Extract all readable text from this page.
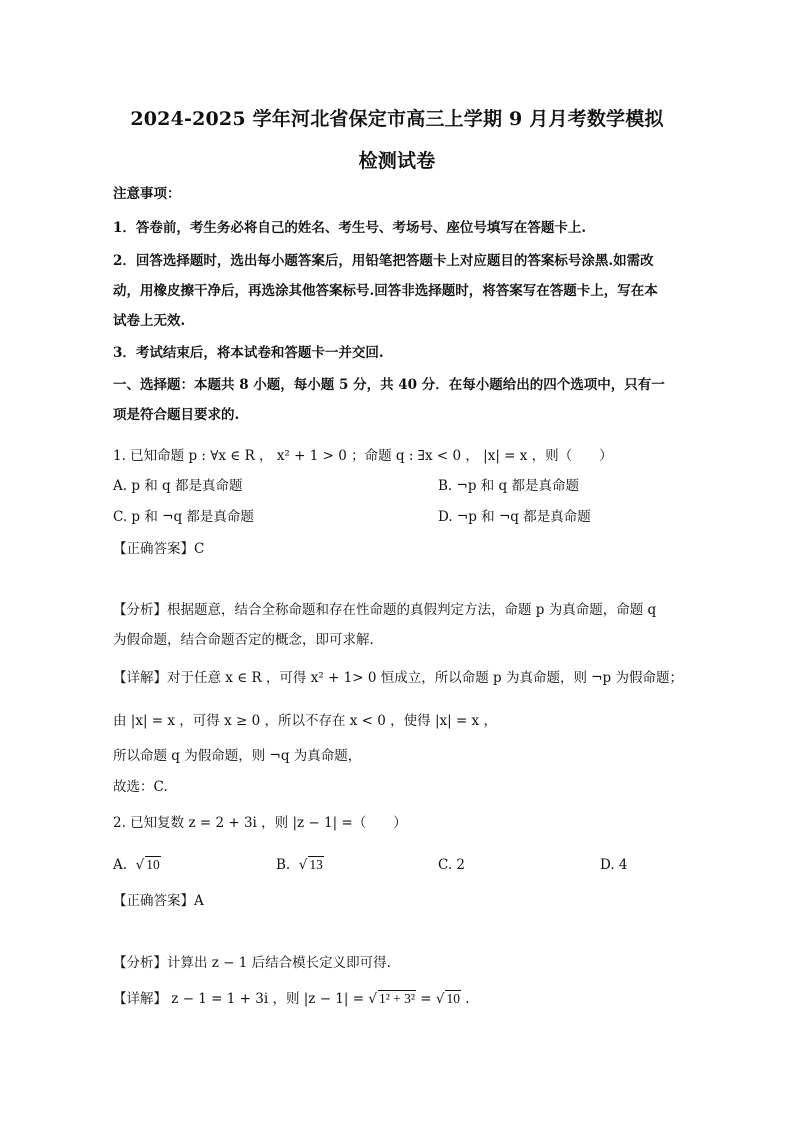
2024-2025 学年河北省保定市高三上学期 9 月月考数学模拟
检测试卷
注意事项：
1．答卷前，考生务必将自己的姓名、考生号、考场号、座位号填写在答题卡上.
2．回答选择题时，选出每小题答案后，用铅笔把答题卡上对应题目的答案标号涂黑.如需改
动，用橡皮擦干净后，再选涂其他答案标号.回答非选择题时，将答案写在答题卡上，写在本
试卷上无效.
3．考试结束后，将本试卷和答题卡一并交回.
一、选择题：本题共 8 小题，每小题 5 分，共 40 分．在每小题给出的四个选项中，只有一
项是符合题目要求的.
1. 已知命题 p : ∀x ∈ R ， x² + 1 > 0 ；命题 q : ∃x < 0 ， |x| = x ，则（　　）
A. p 和 q 都是真命题	B. ¬p 和 q 都是真命题
C. p 和 ¬q 都是真命题	D. ¬p 和 ¬q 都是真命题
【正确答案】C
【分析】根据题意，结合全称命题和存在性命题的真假判定方法，命题 p 为真命题，命题 q
为假命题，结合命题否定的概念，即可求解.
【详解】对于任意 x ∈ R ，可得 x² + 1> 0 恒成立，所以命题 p 为真命题，则 ¬p 为假命题；
由 |x| = x ，可得 x ≥ 0 ，所以不存在 x < 0 ，使得 |x| = x ，
所以命题 q 为假命题，则 ¬q 为真命题，
故选：C.
2. 已知复数 z = 2 + 3i ，则 |z − 1| =（　　）
A.  √ 10	B.  √ 13	C. 2	D. 4
【正确答案】A
【分析】计算出 z − 1 后结合模长定义即可得.
【详解】 z − 1 = 1 + 3i ，则 |z − 1| = √ 1² + 3² = √ 10 .
